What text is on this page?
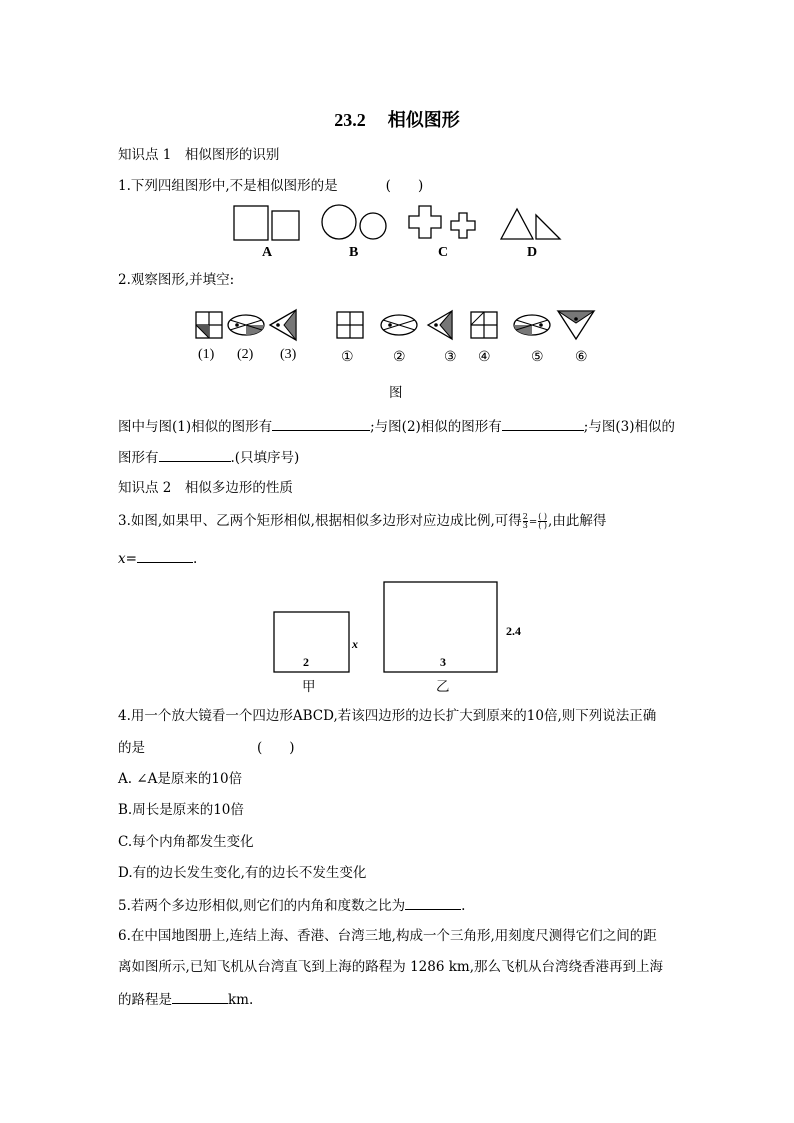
23.2 相似图形
知识点 1　相似图形的识别
1.下列四组图形中,不是相似图形的是	(　　)
A	B	C	D
2.观察图形,并填空:
(1) (2) (3)	①	②	③ ④	⑤ ⑥
图
图中与图(1)相似的图形有	;与图(2)相似的图形有	;与图(3)相似的
图形有	.(只填序号)
知识点 2　相似多边形的性质
3.如图,如果甲、乙两个矩形相似,根据相似多边形对应边成比例,可得 $\frac{2}{3} = \frac{( )}{( )}$ ,由此解得
x=	.
2
x
3
2.4
甲	乙
4.用一个放大镜看一个四边形ABCD,若该四边形的边长扩大到原来的10倍,则下列说法正确
的是	(　　)
A. ∠A是原来的10倍
B.周长是原来的10倍
C.每个内角都发生变化
D.有的边长发生变化,有的边长不发生变化
5.若两个多边形相似,则它们的内角和度数之比为	.
6.在中国地图册上,连结上海、香港、台湾三地,构成一个三角形,用刻度尺测得它们之间的距
离如图所示,已知飞机从台湾直飞到上海的路程为 1286 km,那么飞机从台湾绕香港再到上海
的路程是	km.
